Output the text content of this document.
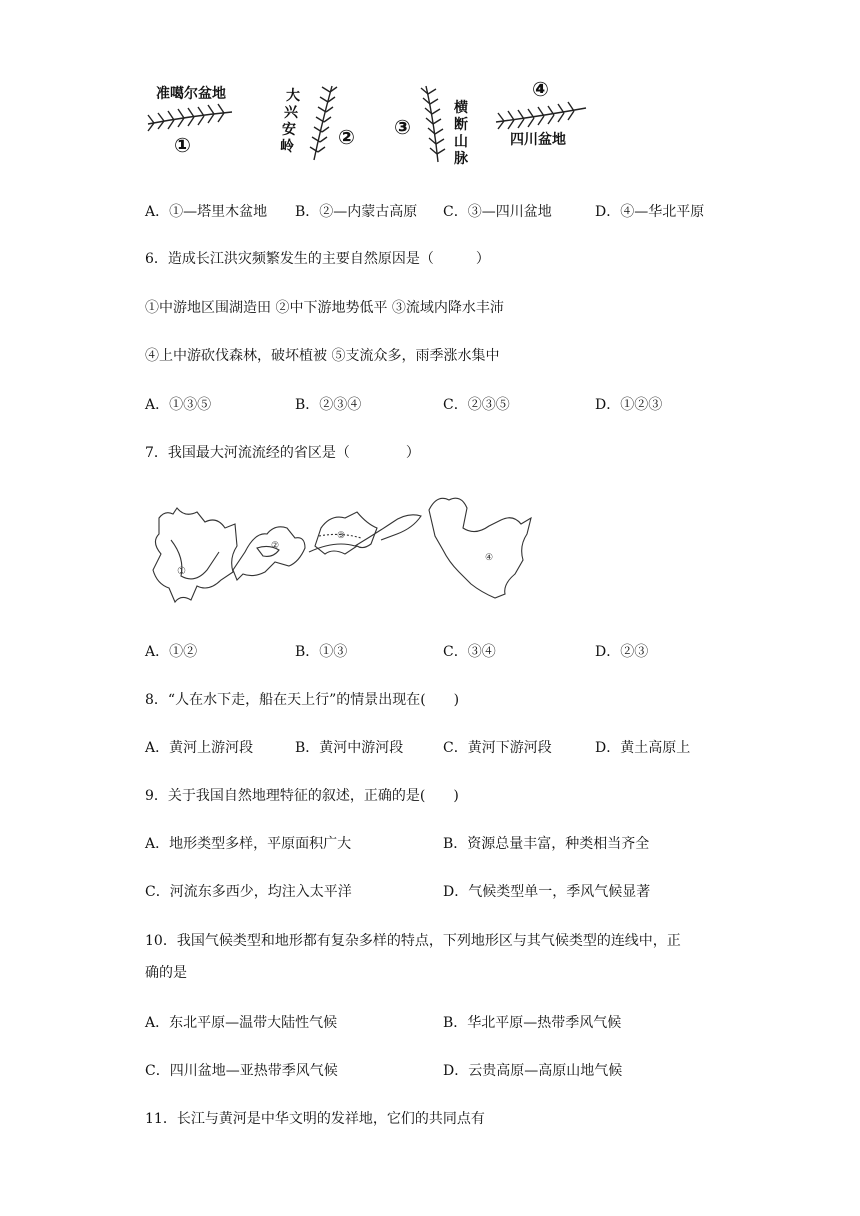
准噶尔盆地
①
大
兴
安
岭 ② ③
横
断
山
脉
④
四川盆地
A．①—塔里木盆地 B．②—内蒙古高原 C．③—四川盆地	D．④—华北平原
6．造成长江洪灾频繁发生的主要自然原因是（　　　）
①中游地区围湖造田 ②中下游地势低平 ③流域内降水丰沛
④上中游砍伐森林，破坏植被 ⑤支流众多，雨季涨水集中
A．①③⑤	B．②③④	C．②③⑤	D．①②③
7．我国最大河流流经的省区是（　　　　）
①
②
③
④
A．①②	B．①③	C．③④	D．②③
8．“人在水下走，船在天上行”的情景出现在(　　)
A．黄河上游河段	B．黄河中游河段	C．黄河下游河段	D．黄土高原上
9．关于我国自然地理特征的叙述，正确的是(　　)
A．地形类型多样，平原面积广大	B．资源总量丰富，种类相当齐全
C．河流东多西少，均注入太平洋	D．气候类型单一，季风气候显著
10．我国气候类型和地形都有复杂多样的特点，下列地形区与其气候类型的连线中，正
确的是
A．东北平原—温带大陆性气候	B．华北平原—热带季风气候
C．四川盆地—亚热带季风气候	D．云贵高原—高原山地气候
11．长江与黄河是中华文明的发祥地，它们的共同点有
